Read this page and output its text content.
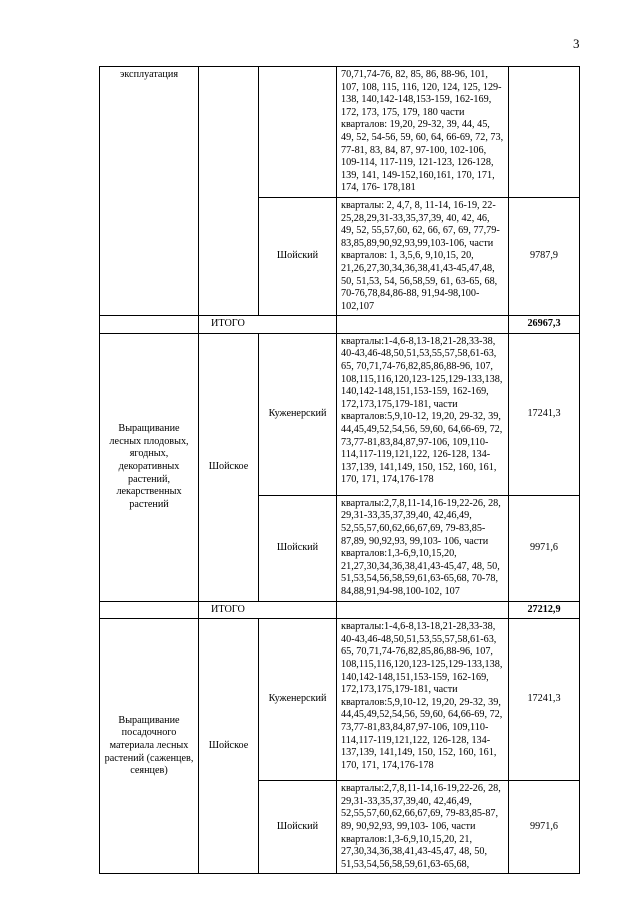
3
эксплуатация			70,71,74-76, 82, 85, 86, 88-96, 101, 107, 108, 115, 116, 120, 124, 125, 129-138, 140,142-148,153-159, 162-169, 172, 173, 175, 179, 180 части кварталов: 19,20, 29-32, 39, 44, 45, 49, 52, 54-56, 59, 60, 64, 66-69, 72, 73, 77-81, 83, 84, 87, 97-100, 102-106, 109-114, 117-119, 121-123, 126-128, 139, 141, 149-152,160,161, 170, 171, 174, 176- 178,181	
		Шойский	кварталы: 2, 4,7, 8, 11-14, 16-19, 22-25,28,29,31-33,35,37,39, 40, 42, 46, 49, 52, 55,57,60, 62, 66, 67, 69, 77,79- 83,85,89,90,92,93,99,103-106, части кварталов: 1, 3,5,6, 9,10,15, 20, 21,26,27,30,34,36,38,41,43-45,47,48, 50, 51,53, 54, 56,58,59, 61, 63-65, 68, 70-76,78,84,86-88, 91,94-98,100-102,107	9787,9
	ИТОГО			26967,3
Выращивание лесных плодовых, ягодных, декоративных растений, лекарственных растений	Шойское	Куженерский	кварталы:1-4,6-8,13-18,21-28,33-38, 40-43,46-48,50,51,53,55,57,58,61-63, 65, 70,71,74-76,82,85,86,88-96, 107, 108,115,116,120,123-125,129-133,138, 140,142-148,151,153-159, 162-169, 172,173,175,179-181, части кварталов:5,9,10-12, 19,20, 29-32, 39, 44,45,49,52,54,56, 59,60, 64,66-69, 72, 73,77-81,83,84,87,97-106, 109,110-114,117-119,121,122, 126-128, 134-137,139, 141,149, 150, 152, 160, 161, 170, 171, 174,176-178	17241,3
		Шойский	кварталы:2,7,8,11-14,16-19,22-26, 28, 29,31-33,35,37,39,40, 42,46,49, 52,55,57,60,62,66,67,69, 79-83,85-87,89, 90,92,93, 99,103- 106, части кварталов:1,3-6,9,10,15,20, 21,27,30,34,36,38,41,43-45,47, 48, 50, 51,53,54,56,58,59,61,63-65,68, 70-78, 84,88,91,94-98,100-102, 107	9971,6
	ИТОГО			27212,9
Выращивание посадочного материала лесных растений (саженцев, сеянцев)	Шойское	Куженерский	кварталы:1-4,6-8,13-18,21-28,33-38, 40-43,46-48,50,51,53,55,57,58,61-63, 65, 70,71,74-76,82,85,86,88-96, 107, 108,115,116,120,123-125,129-133,138, 140,142-148,151,153-159, 162-169, 172,173,175,179-181, части кварталов:5,9,10-12, 19,20, 29-32, 39, 44,45,49,52,54,56, 59,60, 64,66-69, 72, 73,77-81,83,84,87,97-106, 109,110-114,117-119,121,122, 126-128, 134-137,139, 141,149, 150, 152, 160, 161, 170, 171, 174,176-178	17241,3
		Шойский	кварталы:2,7,8,11-14,16-19,22-26, 28, 29,31-33,35,37,39,40, 42,46,49, 52,55,57,60,62,66,67,69, 79-83,85-87, 89, 90,92,93, 99,103- 106, части кварталов:1,3-6,9,10,15,20, 21, 27,30,34,36,38,41,43-45,47, 48, 50, 51,53,54,56,58,59,61,63-65,68,	9971,6
